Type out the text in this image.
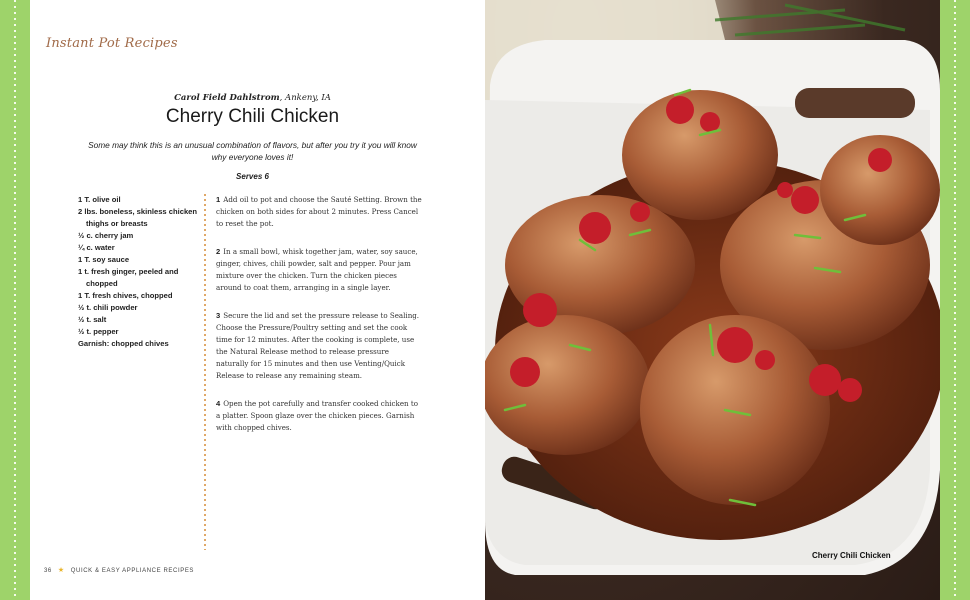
Instant Pot Recipes
Carol Field Dahlstrom, Ankeny, IA
Cherry Chili Chicken
Some may think this is an unusual combination of flavors, but after you try it you will know why everyone loves it!
Serves 6
1 T. olive oil
2 lbs. boneless, skinless chicken thighs or breasts
½ c. cherry jam
¼ c. water
1 T. soy sauce
1 t. fresh ginger, peeled and chopped
1 T. fresh chives, chopped
½ t. chili powder
½ t. salt
½ t. pepper
Garnish: chopped chives

1 Add oil to pot and choose the Sauté Setting. Brown the chicken on both sides for about 2 minutes. Press Cancel to reset the pot.

2 In a small bowl, whisk together jam, water, soy sauce, ginger, chives, chili powder, salt and pepper. Pour jam mixture over the chicken. Turn the chicken pieces around to coat them, arranging in a single layer.

3 Secure the lid and set the pressure release to Sealing. Choose the Pressure/Poultry setting and set the cook time for 12 minutes. After the cooking is complete, use the Natural Release method to release pressure naturally for 15 minutes and then use Venting/Quick Release to release any remaining steam.

4 Open the pot carefully and transfer cooked chicken to a platter. Spoon glaze over the chicken pieces. Garnish with chopped chives.

36 ★ QUICK & EASY APPLIANCE RECIPES
Cherry Chili Chicken
